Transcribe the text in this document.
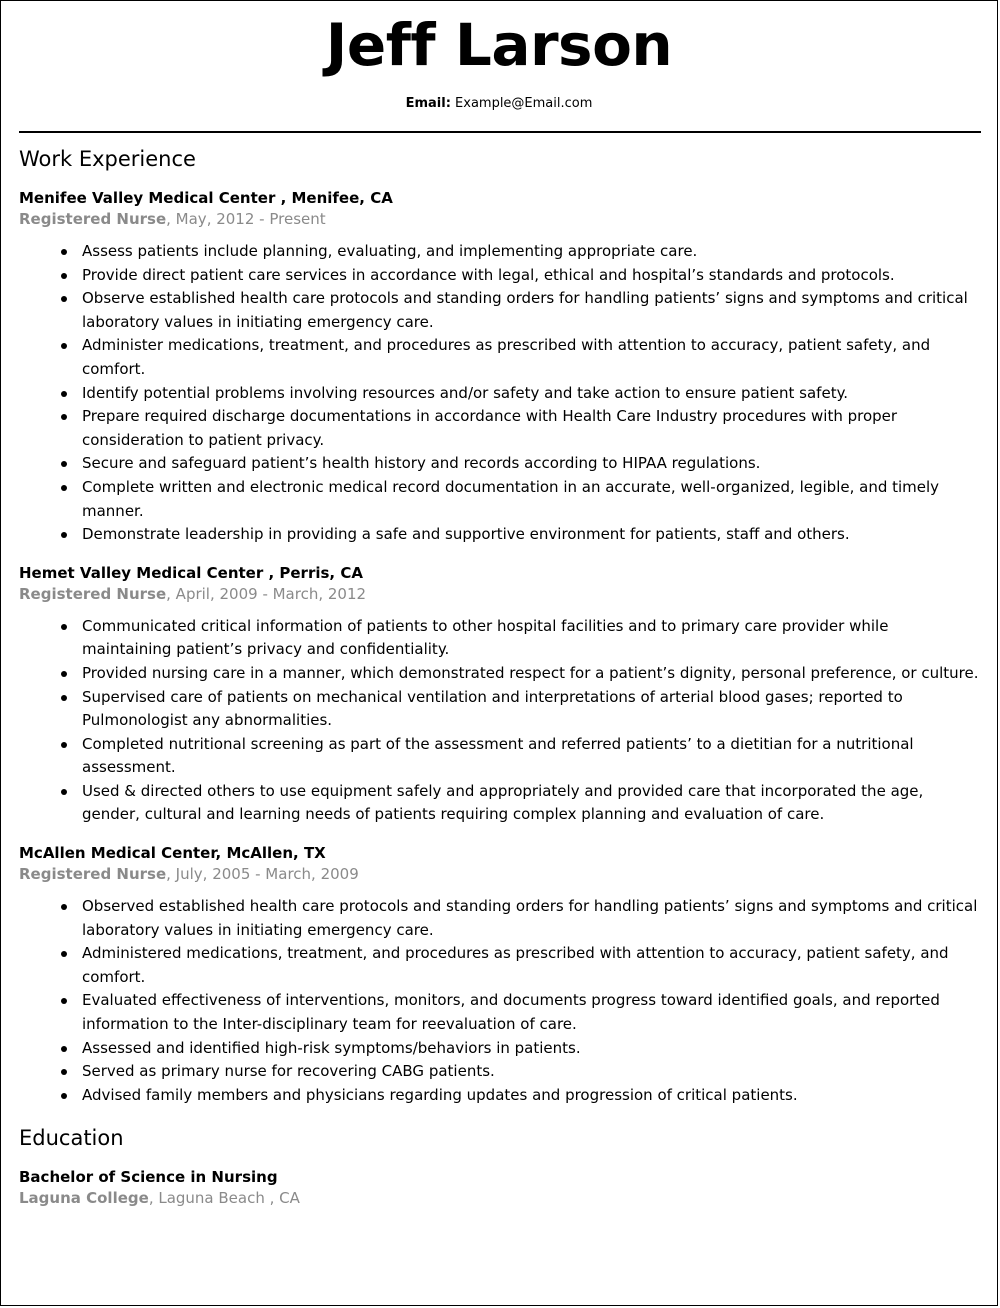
Jeff Larson
Email: Example@Email.com
Work Experience

Menifee Valley Medical Center , Menifee, CA

Registered Nurse, May, 2012 - Present

Assess patients include planning, evaluating, and implementing appropriate care.
Provide direct patient care services in accordance with legal, ethical and hospital’s standards and protocols.
Observe established health care protocols and standing orders for handling patients’ signs and symptoms and critical laboratory values in initiating emergency care.
Administer medications, treatment, and procedures as prescribed with attention to accuracy, patient safety, and comfort.
Identify potential problems involving resources and/or safety and take action to ensure patient safety.
Prepare required discharge documentations in accordance with Health Care Industry procedures with proper consideration to patient privacy.
Secure and safeguard patient’s health history and records according to HIPAA regulations.
Complete written and electronic medical record documentation in an accurate, well-organized, legible, and timely manner.
Demonstrate leadership in providing a safe and supportive environment for patients, staff and others.

Hemet Valley Medical Center , Perris, CA

Registered Nurse, April, 2009 - March, 2012

Communicated critical information of patients to other hospital facilities and to primary care provider while maintaining patient’s privacy and confidentiality.
Provided nursing care in a manner, which demonstrated respect for a patient’s dignity, personal preference, or culture.
Supervised care of patients on mechanical ventilation and interpretations of arterial blood gases; reported to Pulmonologist any abnormalities.
Completed nutritional screening as part of the assessment and referred patients’ to a dietitian for a nutritional assessment.
Used & directed others to use equipment safely and appropriately and provided care that incorporated the age, gender, cultural and learning needs of patients requiring complex planning and evaluation of care.

McAllen Medical Center, McAllen, TX

Registered Nurse, July, 2005 - March, 2009

Observed established health care protocols and standing orders for handling patients’ signs and symptoms and critical laboratory values in initiating emergency care.
Administered medications, treatment, and procedures as prescribed with attention to accuracy, patient safety, and comfort.
Evaluated effectiveness of interventions, monitors, and documents progress toward identified goals, and reported information to the Inter-disciplinary team for reevaluation of care.
Assessed and identified high-risk symptoms/behaviors in patients.
Served as primary nurse for recovering CABG patients.
Advised family members and physicians regarding updates and progression of critical patients.
Education

Bachelor of Science in Nursing

Laguna College, Laguna Beach , CA
